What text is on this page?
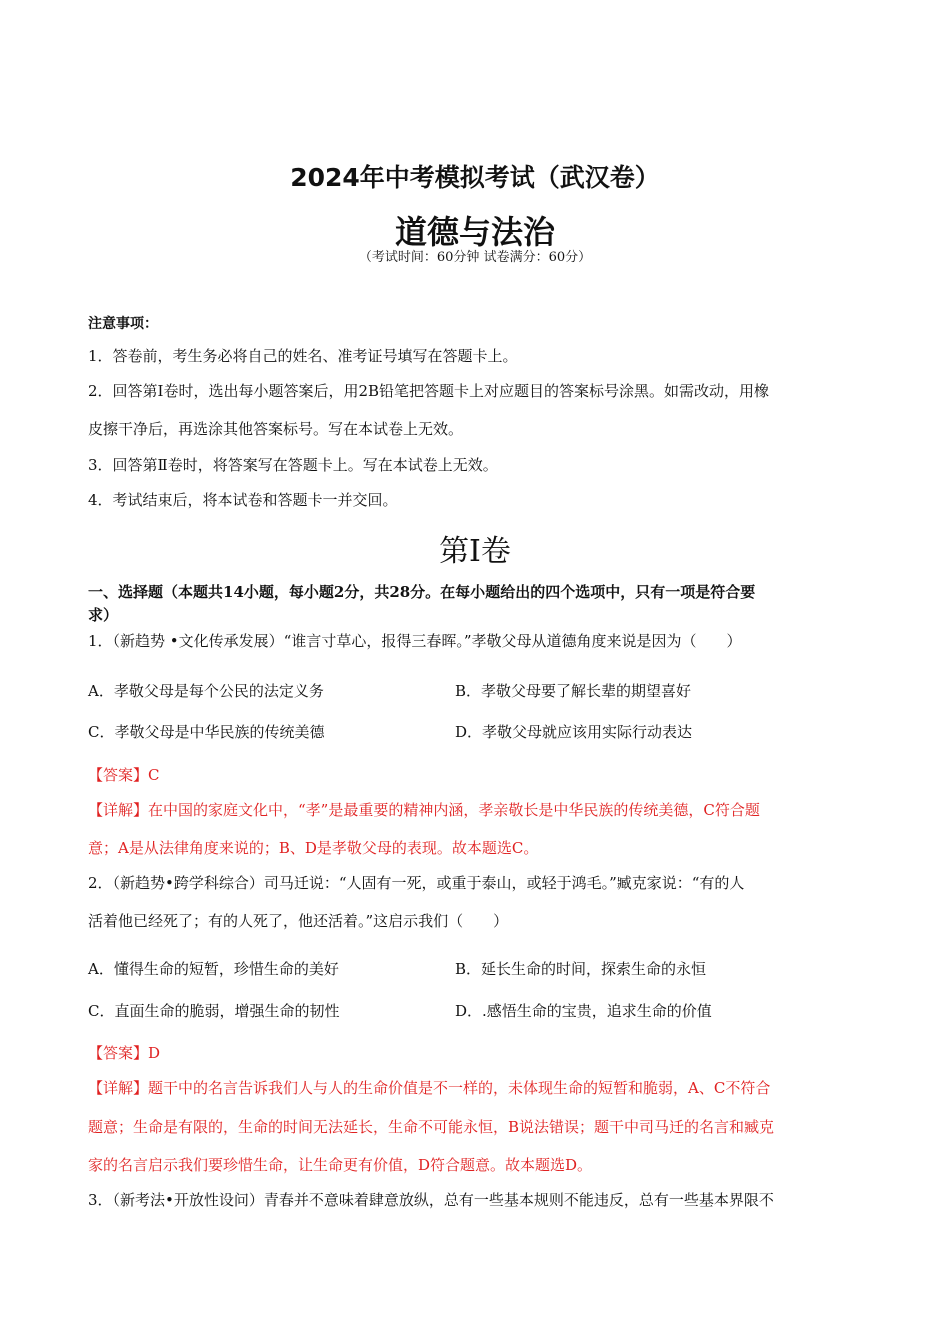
2024年中考模拟考试（武汉卷）
道德与法治
（考试时间：60分钟 试卷满分：60分）
注意事项：
1．答卷前，考生务必将自己的姓名、准考证号填写在答题卡上。
2．回答第Ⅰ卷时，选出每小题答案后，用2B铅笔把答题卡上对应题目的答案标号涂黑。如需改动，用橡
皮擦干净后，再选涂其他答案标号。写在本试卷上无效。
3．回答第Ⅱ卷时，将答案写在答题卡上。写在本试卷上无效。
4．考试结束后，将本试卷和答题卡一并交回。
第Ⅰ卷
一、选择题（本题共14小题，每小题2分，共28分。在每小题给出的四个选项中，只有一项是符合要
求）
1．（新趋势 •文化传承发展）“谁言寸草心，报得三春晖。”孝敬父母从道德角度来说是因为（　　）
A．孝敬父母是每个公民的法定义务	B．孝敬父母要了解长辈的期望喜好
C．孝敬父母是中华民族的传统美德	D．孝敬父母就应该用实际行动表达
【答案】C
【详解】在中国的家庭文化中，“孝”是最重要的精神内涵，孝亲敬长是中华民族的传统美德，C符合题
意；A是从法律角度来说的；B、D是孝敬父母的表现。故本题选C。
2．（新趋势•跨学科综合）司马迁说：“人固有一死，或重于泰山，或轻于鸿毛。”臧克家说：“有的人
活着他已经死了；有的人死了，他还活着。”这启示我们（　　）
A．懂得生命的短暂，珍惜生命的美好	B．延长生命的时间，探索生命的永恒
C．直面生命的脆弱，增强生命的韧性	D．.感悟生命的宝贵，追求生命的价值
【答案】D
【详解】题干中的名言告诉我们人与人的生命价值是不一样的，未体现生命的短暂和脆弱，A、C不符合
题意；生命是有限的，生命的时间无法延长，生命不可能永恒，B说法错误；题干中司马迁的名言和臧克
家的名言启示我们要珍惜生命，让生命更有价值，D符合题意。故本题选D。
3．（新考法•开放性设问）青春并不意味着肆意放纵，总有一些基本规则不能违反，总有一些基本界限不
